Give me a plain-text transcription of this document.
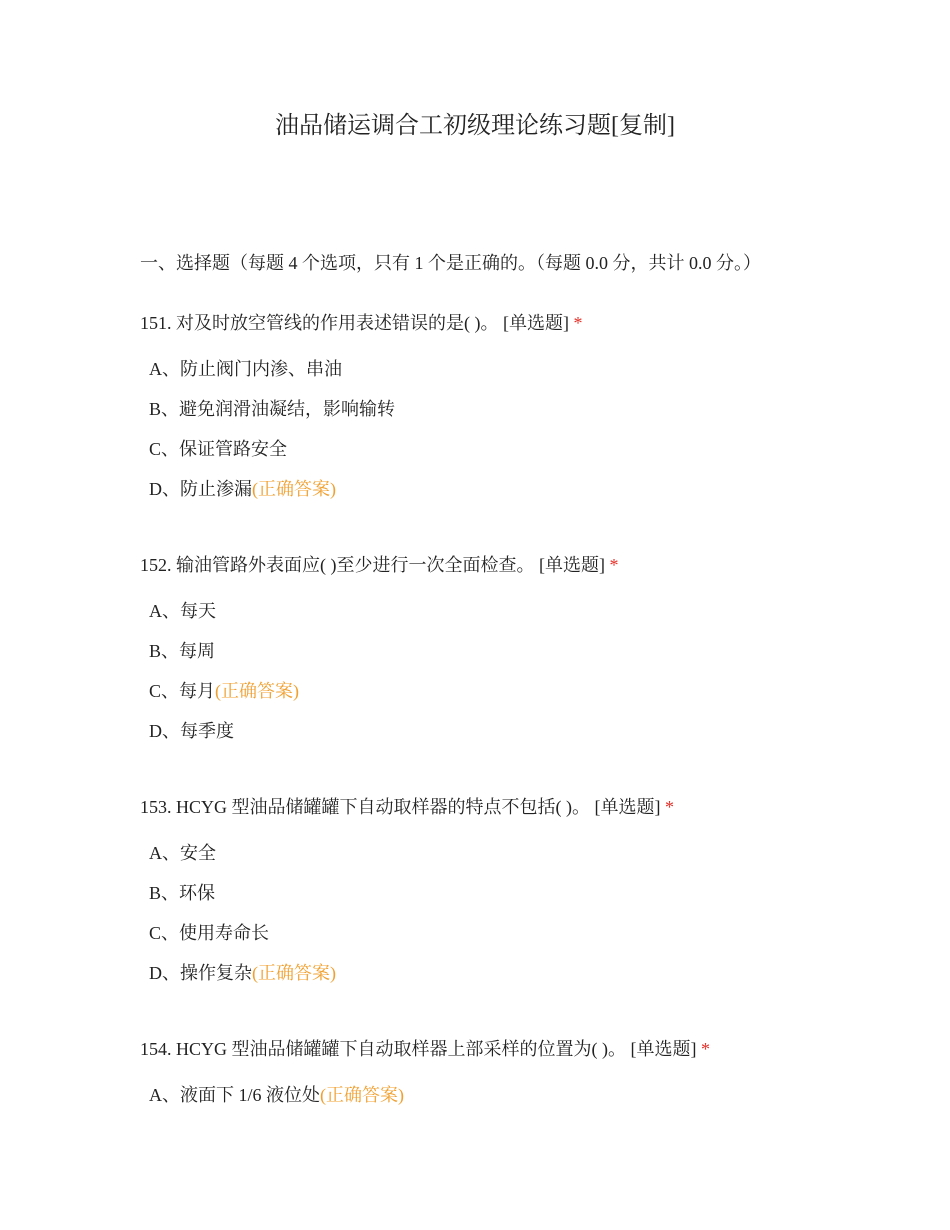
油品储运调合工初级理论练习题[复制]
一、选择题（每题 4 个选项，只有 1 个是正确的。（每题 0.0 分，共计 0.0 分。）

151. 对及时放空管线的作用表述错误的是( )。 [单选题] *

A、防止阀门内渗、串油
B、避免润滑油凝结，影响输转
C、保证管路安全
D、防止渗漏(正确答案)

152. 输油管路外表面应( )至少进行一次全面检查。 [单选题] *

A、每天
B、每周
C、每月(正确答案)
D、每季度

153. HCYG 型油品储罐罐下自动取样器的特点不包括( )。 [单选题] *

A、安全
B、环保
C、使用寿命长
D、操作复杂(正确答案)

154. HCYG 型油品储罐罐下自动取样器上部采样的位置为( )。 [单选题] *

A、液面下 1/6 液位处(正确答案)
